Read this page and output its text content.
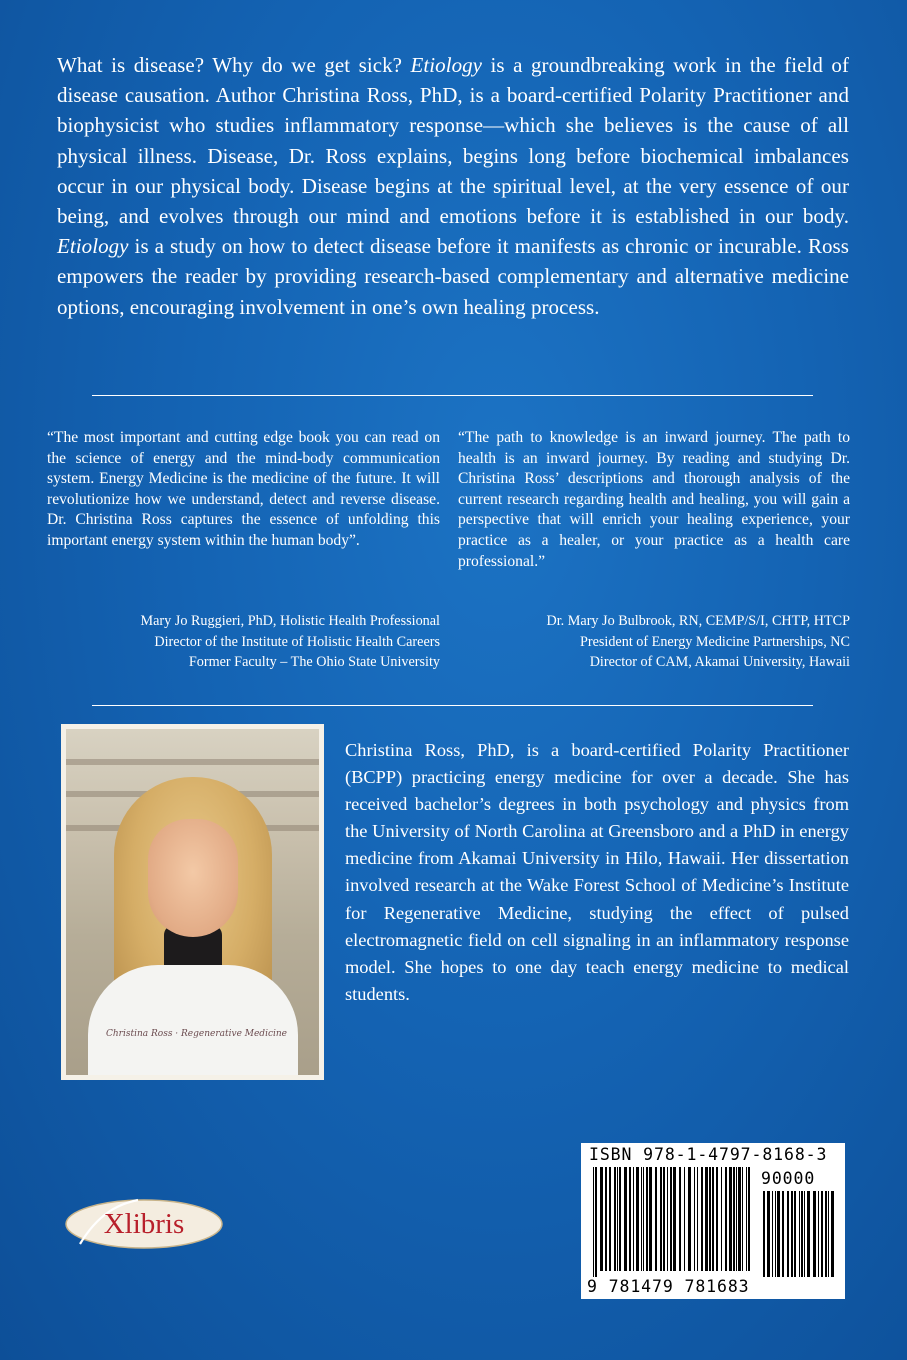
What is disease? Why do we get sick? Etiology is a groundbreaking work in the field of disease causation. Author Christina Ross, PhD, is a board-certified Polarity Practitioner and biophysicist who studies inflammatory response—which she believes is the cause of all physical illness. Disease, Dr. Ross explains, begins long before biochemical imbalances occur in our physical body. Disease begins at the spiritual level, at the very essence of our being, and evolves through our mind and emotions before it is established in our body. Etiology is a study on how to detect disease before it manifests as chronic or incurable. Ross empowers the reader by providing research-based complementary and alternative medicine options, encouraging involvement in one’s own healing process.

“The most important and cutting edge book you can read on the science of energy and the mind-body communication system. Energy Medicine is the medicine of the future. It will revolutionize how we understand, detect and reverse disease. Dr. Christina Ross captures the essence of unfolding this important energy system within the human body”.

Mary Jo Ruggieri, PhD, Holistic Health Professional
Director of the Institute of Holistic Health Careers
Former Faculty – The Ohio State University

“The path to knowledge is an inward journey. The path to health is an inward journey. By reading and studying Dr. Christina Ross’ descriptions and thorough analysis of the current research regarding health and healing, you will gain a perspective that will enrich your healing experience, your practice as a healer, or your practice as a health care professional.”

Dr. Mary Jo Bulbrook, RN, CEMP/S/I, CHTP, HTCP
President of Energy Medicine Partnerships, NC
Director of CAM, Akamai University, Hawaii
Christina Ross · Regenerative Medicine

Christina Ross, PhD, is a board-certified Polarity Practitioner (BCPP) practicing energy medicine for over a decade. She has received bachelor’s degrees in both psychology and physics from the University of North Carolina at Greensboro and a PhD in energy medicine from Akamai University in Hilo, Hawaii. Her dissertation involved research at the Wake Forest School of Medicine’s Institute for Regenerative Medicine, studying the effect of pulsed electromagnetic field on cell signaling in an inflammatory response model. She hopes to one day teach energy medicine to medical students.

Xlibris
ISBN 978-1-4797-8168-3
90000
9 781479 781683
